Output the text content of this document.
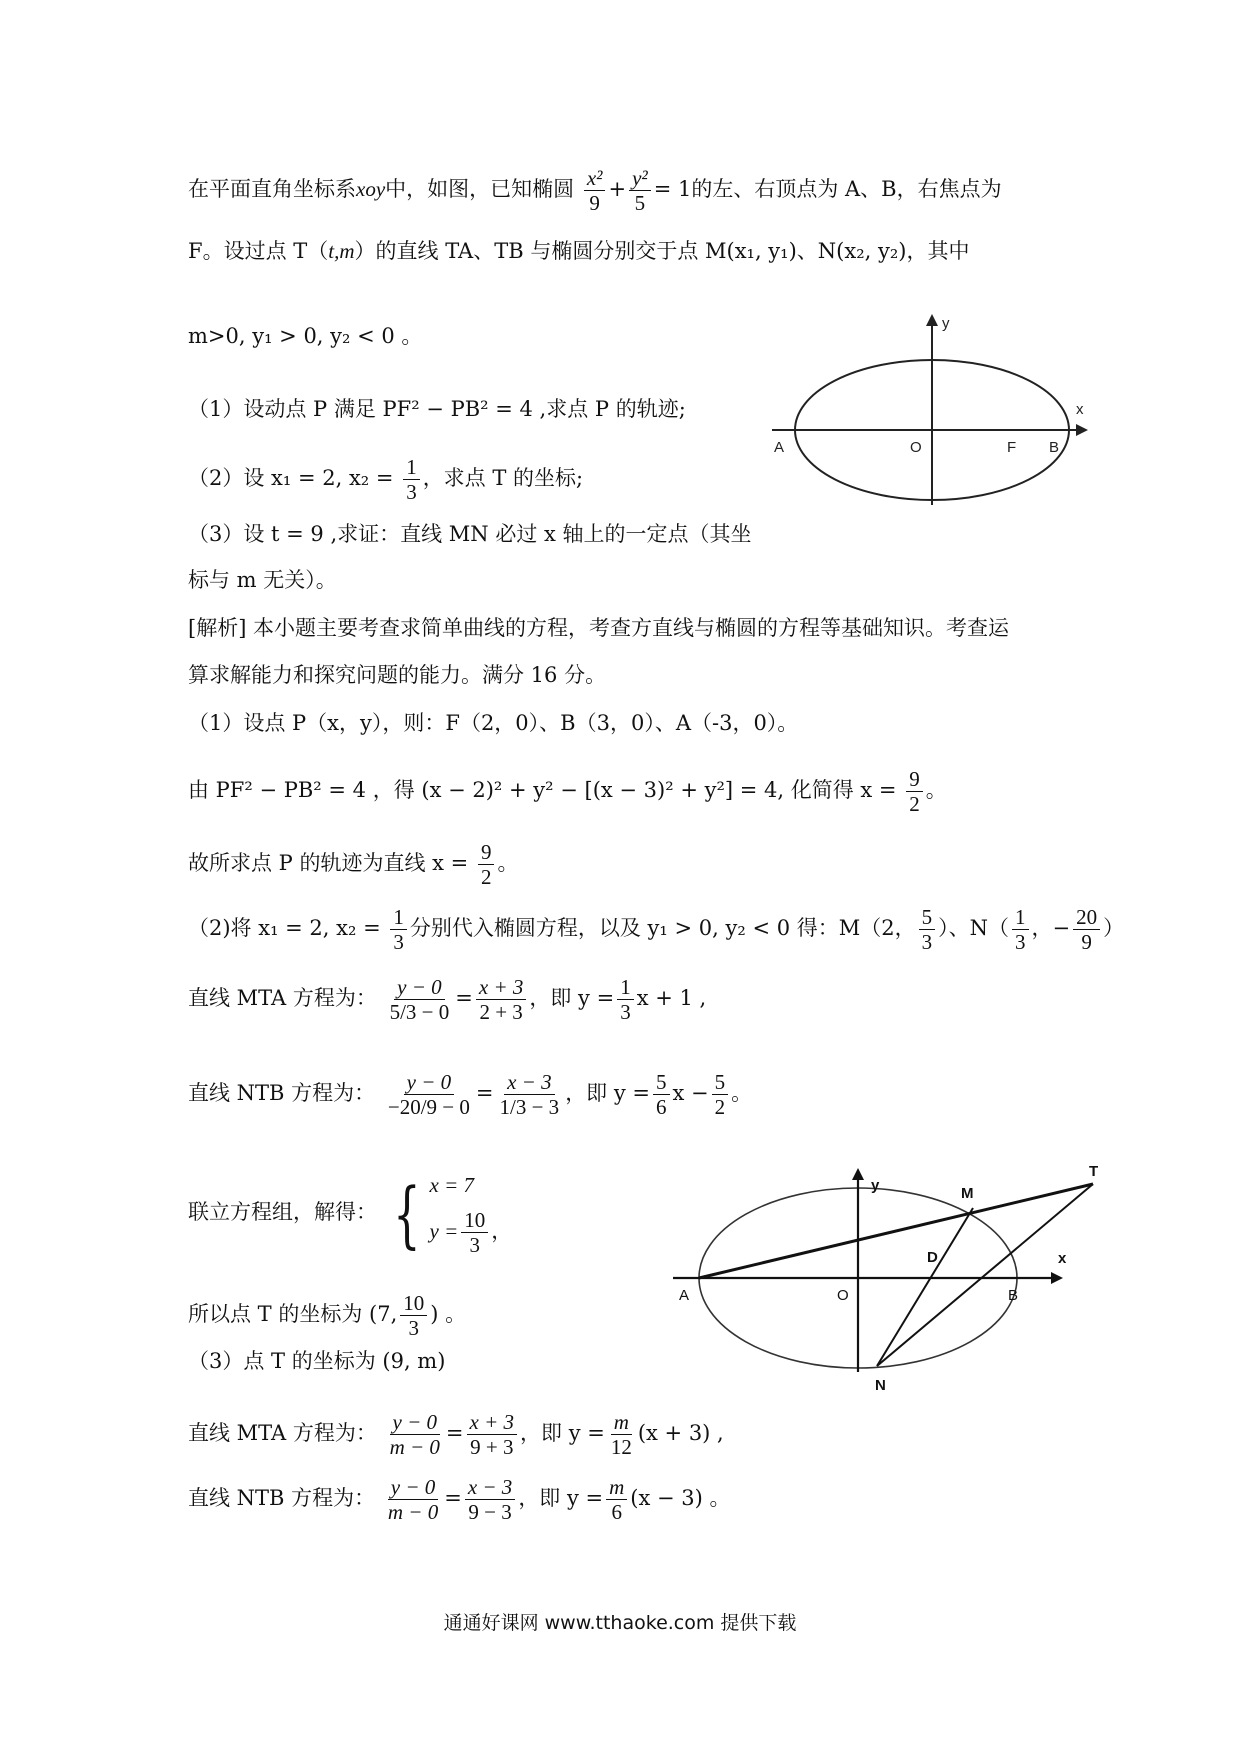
在平面直角坐标系xoy中，如图，已知椭圆 $\frac{\text{x²}}{9} + \frac{\text{y²}}{5} = 1$的左、右顶点为 A、B，右焦点为
F。设过点 T（t,m）的直线 TA、TB 与椭圆分别交于点 M(x₁, y₁)、N(x₂, y₂)，其中
m>0, y₁ > 0, y₂ < 0 。
（1）设动点 P 满足 PF² − PB² = 4 ,求点 P 的轨迹;
（2）设 x₁ = 2, $x_2 = \frac{1}{3}$ ，求点 T 的坐标;
（3）设 t = 9 ,求证：直线 MN 必过 x 轴上的一定点（其坐
标与 m 无关）。
[解析] 本小题主要考查求简单曲线的方程，考查方直线与椭圆的方程等基础知识。考查运
算求解能力和探究问题的能力。满分 16 分。
（1）设点 P（x，y），则：F（2，0）、B（3，0）、A（-3，0）。
由 PF² − PB² = 4 ，得 (x − 2)² + y² − [(x − 3)² + y²] = 4, 化简得 $x = \frac{9}{2}$ 。
故所求点 P 的轨迹为直线 $x = \frac{9}{2}$ 。
（2)将 x₁ = 2, $x_2 = \frac{1}{3}$ 分别代入椭圆方程，以及 y₁ > 0, y₂ < 0 得：M（2， $\frac{5}{3}$ ）、$N( \frac{1}{3}$ ，− $\frac{20}{9}$ ）
直线 MTA 方程为： $\frac{y - 0}{5/3 - 0} = \frac{x + 3}{2 + 3}$ ，即 $y = \frac{1}{3}$ x + 1 ,
直线 NTB 方程为： $\frac{y - 0}{-20/9 - 0} = \frac{x - 3}{1/3 - 3}$ ，即 $y = \frac{5}{6}$ $x - \frac{5}{2}$ 。
联立方程组，解得： { x = 7
$y = \frac{10}{3}$ ，
所以点 T 的坐标为 (7, $\frac{10}{3}$ ) 。
（3）点 T 的坐标为 (9, m)
直线 MTA 方程为： $\frac{y - 0}{m - 0} = \frac{x + 3}{9 + 3}$ ，即 $y = \frac{m}{12} (x + 3)$ ,
直线 NTB 方程为： $\frac{y - 0}{m - 0} = \frac{x - 3}{9 - 3}$ ，即 $y = \frac{m}{6} (x - 3)$ 。
y
x
A	O	F B
y
x
A	O	B
M
T
D
N
通通好课网 www.tthaoke.com 提供下载
